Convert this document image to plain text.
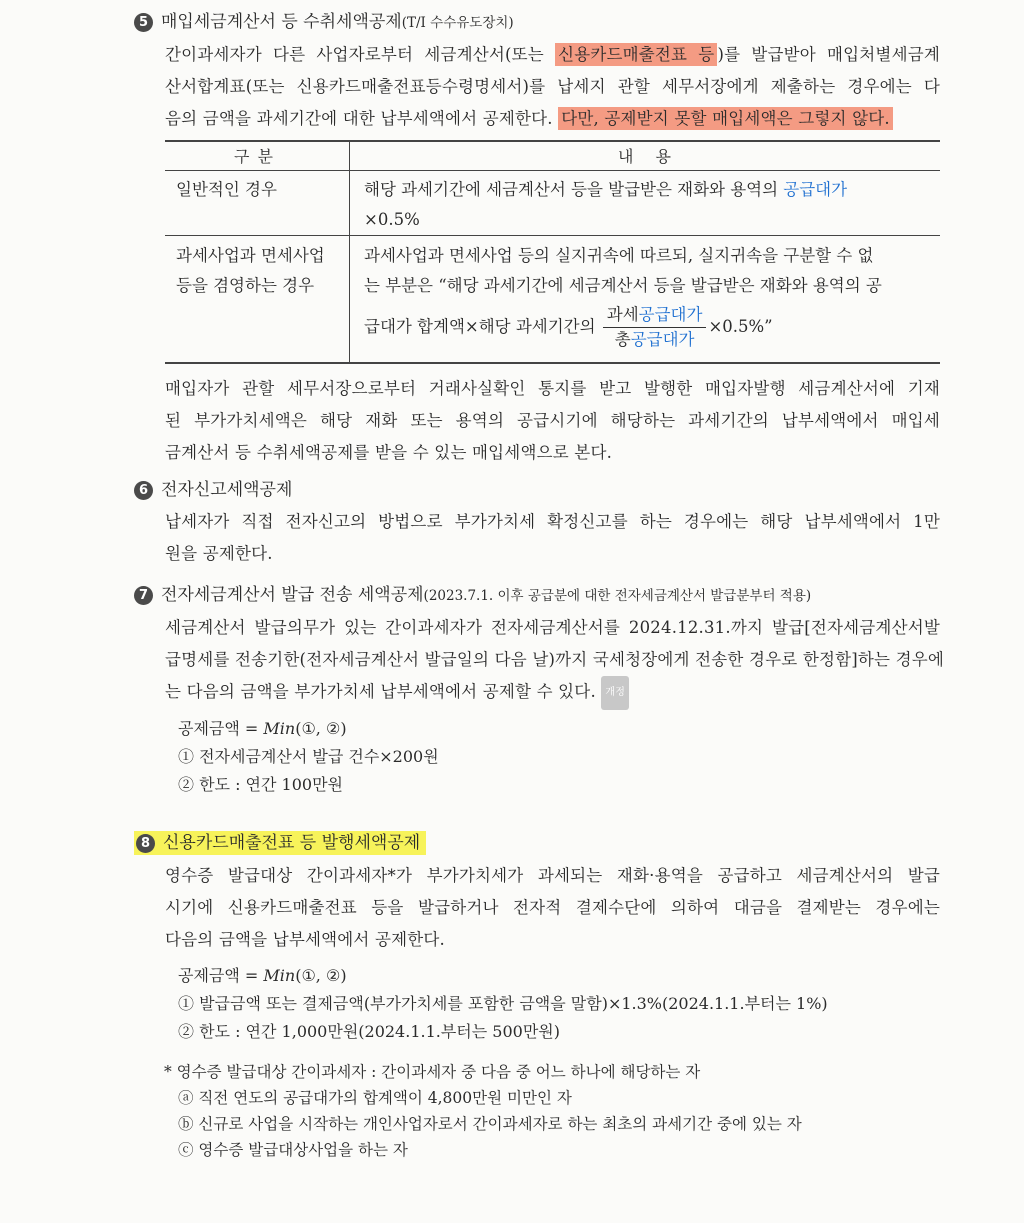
5 매입세금계산서 등 수취세액공제(T/I 수수유도장치)
간이과세자가 다른 사업자로부터 세금계산서(또는 신용카드매출전표 등 )를 발급받아 매입처별세금계
산서합계표(또는 신용카드매출전표등수령명세서)를 납세지 관할 세무서장에게 제출하는 경우에는 다
음의 금액을 과세기간에 대한 납부세액에서 공제한다. 다만, 공제받지 못할 매입세액은 그렇지 않다.
구분	내용
일반적인 경우	해당 과세기간에 세금계산서 등을 발급받은 재화와 용역의 공급대가
×0.5%
과세사업과 면세사업
등을 겸영하는 경우
과세사업과 면세사업 등의 실지귀속에 따르되, 실지귀속을 구분할 수 없
는 부분은 “해당 과세기간에 세금계산서 등을 발급받은 재화와 용역의 공
급대가 합계액×해당 과세기간의 $\frac{\text{과세공급대가}}{\text{총공급대가}} \times 0.5\%$”
매입자가 관할 세무서장으로부터 거래사실확인 통지를 받고 발행한 매입자발행 세금계산서에 기재
된 부가가치세액은 해당 재화 또는 용역의 공급시기에 해당하는 과세기간의 납부세액에서 매입세
금계산서 등 수취세액공제를 받을 수 있는 매입세액으로 본다.
6 전자신고세액공제
납세자가 직접 전자신고의 방법으로 부가가치세 확정신고를 하는 경우에는 해당 납부세액에서 1만
원을 공제한다.
7 전자세금계산서 발급 전송 세액공제(2023.7.1. 이후 공급분에 대한 전자세금계산서 발급분부터 적용)
세금계산서 발급의무가 있는 간이과세자가 전자세금계산서를 2024.12.31.까지 발급[전자세금계산서발
급명세를 전송기한(전자세금계산서 발급일의 다음 날)까지 국세청장에게 전송한 경우로 한정함]하는 경우에
는 다음의 금액을 부가가치세 납부세액에서 공제할 수 있다. 개정
공제금액 = Min(①, ②)
① 전자세금계산서 발급 건수×200원
② 한도 : 연간 100만원
8 신용카드매출전표 등 발행세액공제
영수증 발급대상 간이과세자*가 부가가치세가 과세되는 재화·용역을 공급하고 세금계산서의 발급
시기에 신용카드매출전표 등을 발급하거나 전자적 결제수단에 의하여 대금을 결제받는 경우에는
다음의 금액을 납부세액에서 공제한다.
공제금액 = Min(①, ②)
① 발급금액 또는 결제금액(부가가치세를 포함한 금액을 말함)×1.3%(2024.1.1.부터는 1%)
② 한도 : 연간 1,000만원(2024.1.1.부터는 500만원)
* 영수증 발급대상 간이과세자 : 간이과세자 중 다음 중 어느 하나에 해당하는 자
ⓐ 직전 연도의 공급대가의 합계액이 4,800만원 미만인 자
ⓑ 신규로 사업을 시작하는 개인사업자로서 간이과세자로 하는 최초의 과세기간 중에 있는 자
ⓒ 영수증 발급대상사업을 하는 자
